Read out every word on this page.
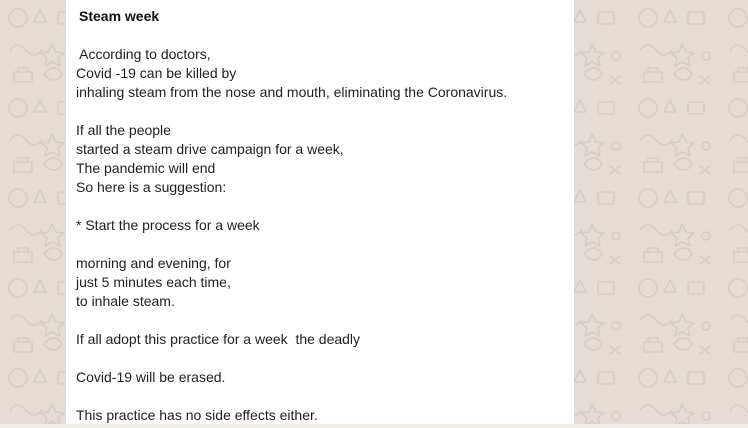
Steam week
According to doctors,
Covid -19 can be killed by
inhaling steam from the nose and mouth, eliminating the Coronavirus.
If all the people
started a steam drive campaign for a week,
The pandemic will end
So here is a suggestion:
* Start the process for a week
morning and evening, for
just 5 minutes each time,
to inhale steam.
If all adopt this practice for a week  the deadly
Covid-19 will be erased.
This practice has no side effects either.
